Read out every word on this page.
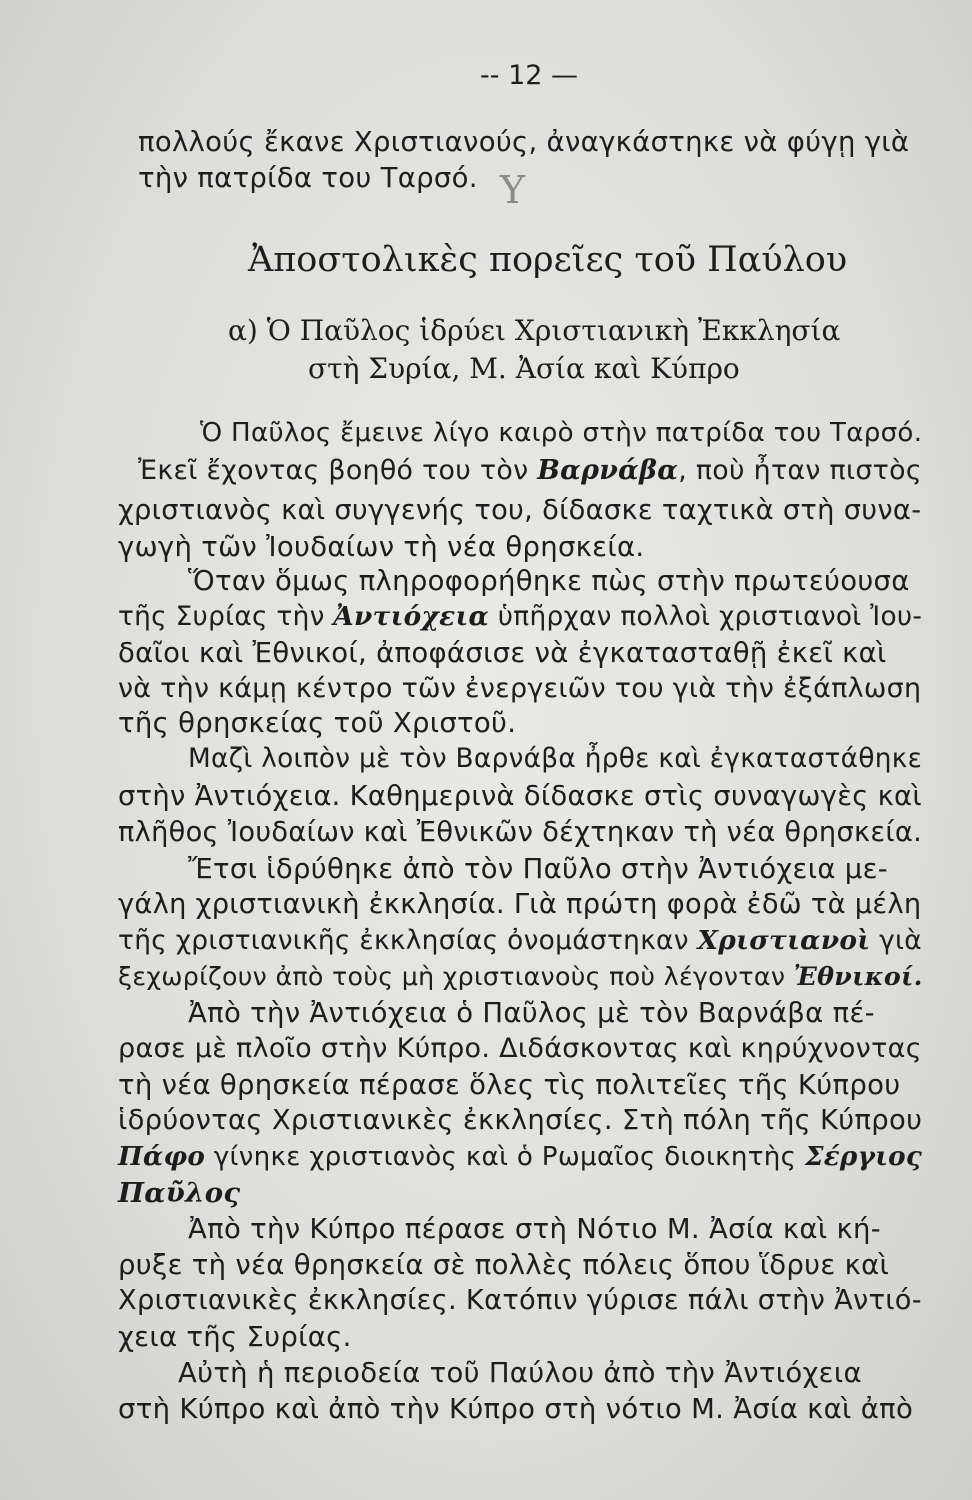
-- 12 —
πολλούς ἔκανε Χριστιανούς, ἀναγκάστηκε νὰ φύγῃ γιὰ
τὴν πατρίδα του Ταρσό. Y
Ἀποστολικὲς πορεῖες τοῦ Παύλου
α) Ὁ Παῦλος ἱδρύει Χριστιανικὴ Ἐκκλησία
στὴ Συρία, Μ. Ἀσία καὶ Κύπρο
Ὁ Παῦλος ἔμεινε λίγο καιρὸ στὴν πατρίδα του Ταρσό.
Ἐκεῖ ἔχοντας βοηθό του τὸν Βαρνάβα, ποὺ ἦταν πιστὸς
χριστιανὸς καὶ συγγενής του, δίδασκε ταχτικὰ στὴ συνα-
γωγὴ τῶν Ἰουδαίων τὴ νέα θρησκεία.
Ὅταν ὅμως πληροφορήθηκε πὼς στὴν πρωτεύουσα
τῆς Συρίας τὴν Ἀντιόχεια ὑπῆρχαν πολλοὶ χριστιανοὶ Ἰου-
δαῖοι καὶ Ἐθνικοί, ἀποφάσισε νὰ ἐγκατασταθῇ ἐκεῖ καὶ
νὰ τὴν κάμῃ κέντρο τῶν ἐνεργειῶν του γιὰ τὴν ἐξάπλωση
τῆς θρησκείας τοῦ Χριστοῦ.
Μαζὶ λοιπὸν μὲ τὸν Βαρνάβα ἦρθε καὶ ἐγκαταστάθηκε
στὴν Ἀντιόχεια. Καθημερινὰ δίδασκε στὶς συναγωγὲς καὶ
πλῆθος Ἰουδαίων καὶ Ἐθνικῶν δέχτηκαν τὴ νέα θρησκεία.
Ἔτσι ἱδρύθηκε ἀπὸ τὸν Παῦλο στὴν Ἀντιόχεια με-
γάλη χριστιανικὴ ἐκκλησία. Γιὰ πρώτη φορὰ ἐδῶ τὰ μέλη
τῆς χριστιανικῆς ἐκκλησίας ὀνομάστηκαν Χριστιανοὶ γιὰ
ξεχωρίζουν ἀπὸ τοὺς μὴ χριστιανοὺς ποὺ λέγονταν Ἐθνικοί.
Ἀπὸ τὴν Ἀντιόχεια ὁ Παῦλος μὲ τὸν Βαρνάβα πέ-
ρασε μὲ πλοῖο στὴν Κύπρο. Διδάσκοντας καὶ κηρύχνοντας
τὴ νέα θρησκεία πέρασε ὅλες τὶς πολιτεῖες τῆς Κύπρου
ἱδρύοντας Χριστιανικὲς ἐκκλησίες. Στὴ πόλη τῆς Κύπρου
Πάφο γίνηκε χριστιανὸς καὶ ὁ Ρωμαῖος διοικητὴς Σέργιος
Παῦλος
Ἀπὸ τὴν Κύπρο πέρασε στὴ Νότιο Μ. Ἀσία καὶ κή-
ρυξε τὴ νέα θρησκεία σὲ πολλὲς πόλεις ὅπου ἵδρυε καὶ
Χριστιανικὲς ἐκκλησίες. Κατόπιν γύρισε πάλι στὴν Ἀντιό-
χεια τῆς Συρίας.
Αὐτὴ ἡ περιοδεία τοῦ Παύλου ἀπὸ τὴν Ἀντιόχεια
στὴ Κύπρο καὶ ἀπὸ τὴν Κύπρο στὴ νότιο Μ. Ἀσία καὶ ἀπὸ
